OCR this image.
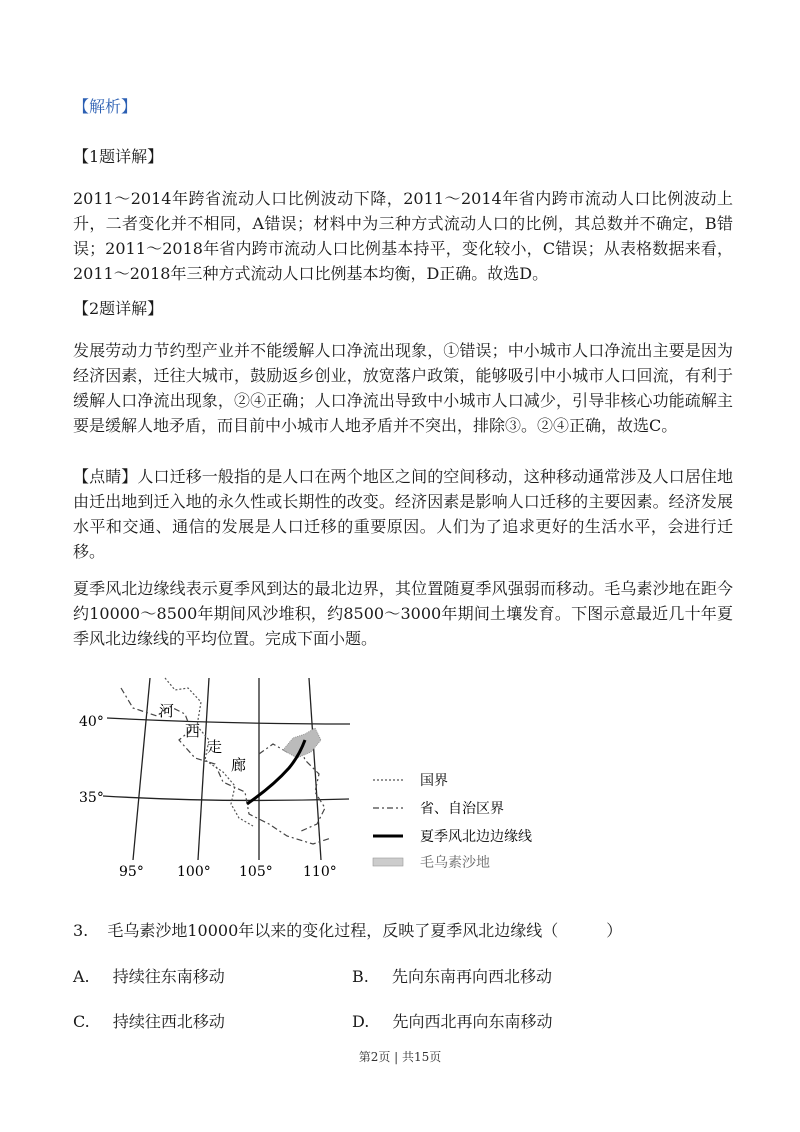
【解析】

【1题详解】

2011～2014年跨省流动人口比例波动下降，2011～2014年省内跨市流动人口比例波动上升，二者变化并不相同，A错误；材料中为三种方式流动人口的比例，其总数并不确定，B错误；2011～2018年省内跨市流动人口比例基本持平，变化较小，C错误；从表格数据来看，2011～2018年三种方式流动人口比例基本均衡，D正确。故选D。

【2题详解】

发展劳动力节约型产业并不能缓解人口净流出现象，①错误；中小城市人口净流出主要是因为经济因素，迁往大城市，鼓励返乡创业，放宽落户政策，能够吸引中小城市人口回流，有利于缓解人口净流出现象，②④正确；人口净流出导致中小城市人口减少，引导非核心功能疏解主要是缓解人地矛盾，而目前中小城市人地矛盾并不突出，排除③。②④正确，故选C。

【点睛】人口迁移一般指的是人口在两个地区之间的空间移动，这种移动通常涉及人口居住地由迁出地到迁入地的永久性或长期性的改变。经济因素是影响人口迁移的主要因素。经济发展水平和交通、通信的发展是人口迁移的重要原因。人们为了追求更好的生活水平，会进行迁移。

夏季风北边缘线表示夏季风到达的最北边界，其位置随夏季风强弱而移动。毛乌素沙地在距今约10000～8500年期间风沙堆积，约8500～3000年期间土壤发育。下图示意最近几十年夏季风北边缘线的平均位置。完成下面小题。

河
西
走
廊
40°
35°
95° 100° 105° 110°
国界
省、自治区界
夏季风北边边缘线
毛乌素沙地
3. 毛乌素沙地10000年以来的变化过程，反映了夏季风北边缘线（　　　）
A. 持续往东南移动	B. 先向东南再向西北移动
C. 持续往西北移动	D. 先向西北再向东南移动
第2页 | 共15页
